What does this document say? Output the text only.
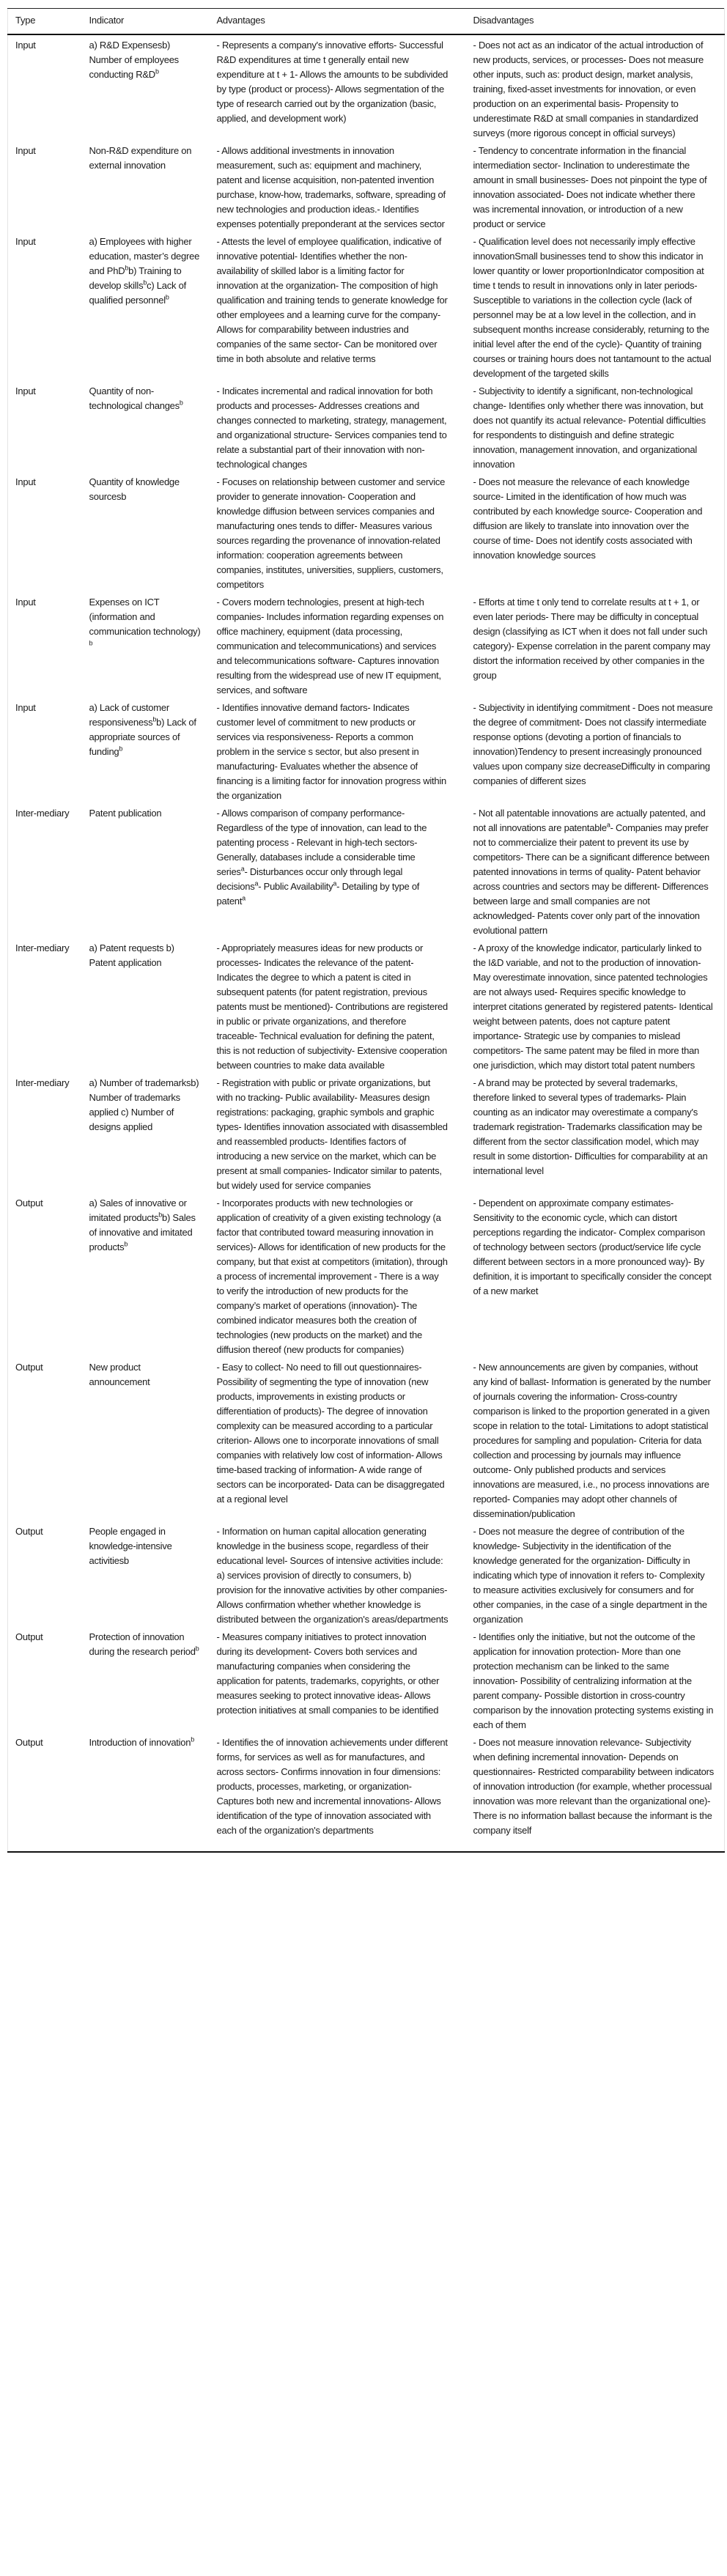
Type	Indicator	Advantages	Disadvantages
Input	a) R&D Expensesb) Number of employees conducting $R\&D^b$	- Represents a company's innovative efforts- Successful R&D expenditures at time t generally entail new expenditure at t + 1- Allows the amounts to be subdivided by type (product or process)- Allows segmentation of the type of research carried out by the organization (basic, applied, and development work)	- Does not act as an indicator of the actual introduction of new products, services, or processes- Does not measure other inputs, such as: product design, market analysis, training, fixed-asset investments for innovation, or even production on an experimental basis- Propensity to underestimate R&D at small companies in standardized surveys (more rigorous concept in official surveys)
Input	Non-R&D expenditure on external innovation	- Allows additional investments in innovation measurement, such as: equipment and machinery, patent and license acquisition, non-patented invention purchase, know-how, trademarks, software, spreading of new technologies and production ideas.- Identifies expenses potentially preponderant at the services sector	- Tendency to concentrate information in the financial intermediation sector- Inclination to underestimate the amount in small businesses- Does not pinpoint the type of innovation associated- Does not indicate whether there was incremental innovation, or introduction of a new product or service
Input	a) Employees with higher education, master’s degree and PhD$^b$b) Training to develop skills$^b$c) Lack of qualified personnel$^b$	- Attests the level of employee qualification, indicative of innovative potential- Identifies whether the non-availability of skilled labor is a limiting factor for innovation at the organization- The composition of high qualification and training tends to generate knowledge for other employees and a learning curve for the company- Allows for comparability between industries and companies of the same sector- Can be monitored over time in both absolute and relative terms	- Qualification level does not necessarily imply effective innovationSmall businesses tend to show this indicator in lower quantity or lower proportionIndicator composition at time t tends to result in innovations only in later periods- Susceptible to variations in the collection cycle (lack of personnel may be at a low level in the collection, and in subsequent months increase considerably, returning to the initial level after the end of the cycle)- Quantity of training courses or training hours does not tantamount to the actual development of the targeted skills
Input	Quantity of non-technological changes$^b$	- Indicates incremental and radical innovation for both products and processes- Addresses creations and changes connected to marketing, strategy, management, and organizational structure- Services companies tend to relate a substantial part of their innovation with non-technological changes	- Subjectivity to identify a significant, non-technological change- Identifies only whether there was innovation, but does not quantify its actual relevance- Potential difficulties for respondents to distinguish and define strategic innovation, management innovation, and organizational innovation
Input	Quantity of knowledge sourcesb	- Focuses on relationship between customer and service provider to generate innovation- Cooperation and knowledge diffusion between services companies and manufacturing ones tends to differ- Measures various sources regarding the provenance of innovation-related information: cooperation agreements between companies, institutes, universities, suppliers, customers, competitors	- Does not measure the relevance of each knowledge source- Limited in the identification of how much was contributed by each knowledge source- Cooperation and diffusion are likely to translate into innovation over the course of time- Does not identify costs associated with innovation knowledge sources
Input	Expenses on ICT (information and communication technology) $^b$	- Covers modern technologies, present at high-tech companies- Includes information regarding expenses on office machinery, equipment (data processing, communication and telecommunications) and services and telecommunications software- Captures innovation resulting from the widespread use of new IT equipment, services, and software	- Efforts at time t only tend to correlate results at t + 1, or even later periods- There may be difficulty in conceptual design (classifying as ICT when it does not fall under such category)- Expense correlation in the parent company may distort the information received by other companies in the group
Input	a) Lack of customer responsiveness$^b$b) Lack of appropriate sources of funding$^b$	- Identifies innovative demand factors- Indicates customer level of commitment to new products or services via responsiveness- Reports a common problem in the service s sector, but also present in manufacturing- Evaluates whether the absence of financing is a limiting factor for innovation progress within the organization	- Subjectivity in identifying commitment - Does not measure the degree of commitment- Does not classify intermediate response options (devoting a portion of financials to innovation)Tendency to present increasingly pronounced values upon company size decreaseDifficulty in comparing companies of different sizes
Inter-mediary	Patent publication	- Allows comparison of company performance- Regardless of the type of innovation, can lead to the patenting process - Relevant in high-tech sectors- Generally, databases include a considerable time series$^a$- Disturbances occur only through legal decisions$^a$- Public Availability$^a$- Detailing by type of patent$^a$	- Not all patentable innovations are actually patented, and not all innovations are patentable$^a$- Companies may prefer not to commercialize their patent to prevent its use by competitors- There can be a significant difference between patented innovations in terms of quality- Patent behavior across countries and sectors may be different- Differences between large and small companies are not acknowledged- Patents cover only part of the innovation evolutional pattern
Inter-mediary	a) Patent requests b) Patent application	- Appropriately measures ideas for new products or processes- Indicates the relevance of the patent- Indicates the degree to which a patent is cited in subsequent patents (for patent registration, previous patents must be mentioned)- Contributions are registered in public or private organizations, and therefore traceable- Technical evaluation for defining the patent, this is not reduction of subjectivity- Extensive cooperation between countries to make data available	- A proxy of the knowledge indicator, particularly linked to the I&D variable, and not to the production of innovation- May overestimate innovation, since patented technologies are not always used- Requires specific knowledge to interpret citations generated by registered patents- Identical weight between patents, does not capture patent importance- Strategic use by companies to mislead competitors- The same patent may be filed in more than one jurisdiction, which may distort total patent numbers
Inter-mediary	a) Number of trademarksb) Number of trademarks applied c) Number of designs applied	- Registration with public or private organizations, but with no tracking- Public availability- Measures design registrations: packaging, graphic symbols and graphic types- Identifies innovation associated with disassembled and reassembled products- Identifies factors of introducing a new service on the market, which can be present at small companies- Indicator similar to patents, but widely used for service companies	- A brand may be protected by several trademarks, therefore linked to several types of trademarks- Plain counting as an indicator may overestimate a company's trademark registration- Trademarks classification may be different from the sector classification model, which may result in some distortion- Difficulties for comparability at an international level
Output	a) Sales of innovative or imitated products$^b$b) Sales of innovative and imitated products$^b$	- Incorporates products with new technologies or application of creativity of a given existing technology (a factor that contributed toward measuring innovation in services)- Allows for identification of new products for the company, but that exist at competitors (imitation), through a process of incremental improvement - There is a way to verify the introduction of new products for the company’s market of operations (innovation)- The combined indicator measures both the creation of technologies (new products on the market) and the diffusion thereof (new products for companies)	- Dependent on approximate company estimates- Sensitivity to the economic cycle, which can distort perceptions regarding the indicator- Complex comparison of technology between sectors (product/service life cycle different between sectors in a more pronounced way)- By definition, it is important to specifically consider the concept of a new market
Output	New product announcement	- Easy to collect- No need to fill out questionnaires- Possibility of segmenting the type of innovation (new products, improvements in existing products or differentiation of products)- The degree of innovation complexity can be measured according to a particular criterion- Allows one to incorporate innovations of small companies with relatively low cost of information- Allows time-based tracking of information- A wide range of sectors can be incorporated- Data can be disaggregated at a regional level	- New announcements are given by companies, without any kind of ballast- Information is generated by the number of journals covering the information- Cross-country comparison is linked to the proportion generated in a given scope in relation to the total- Limitations to adopt statistical procedures for sampling and population- Criteria for data collection and processing by journals may influence outcome- Only published products and services innovations are measured, i.e., no process innovations are reported- Companies may adopt other channels of dissemination/publication
Output	People engaged in knowledge-intensive activitiesb	- Information on human capital allocation generating knowledge in the business scope, regardless of their educational level- Sources of intensive activities include: a) services provision of directly to consumers, b) provision for the innovative activities by other companies- Allows confirmation whether whether knowledge is distributed between the organization's areas/departments	- Does not measure the degree of contribution of the knowledge- Subjectivity in the identification of the knowledge generated for the organization- Difficulty in indicating which type of innovation it refers to- Complexity to measure activities exclusively for consumers and for other companies, in the case of a single department in the organization
Output	Protection of innovation during the research period$^b$	- Measures company initiatives to protect innovation during its development- Covers both services and manufacturing companies when considering the application for patents, trademarks, copyrights, or other measures seeking to protect innovative ideas- Allows protection initiatives at small companies to be identified	- Identifies only the initiative, but not the outcome of the application for innovation protection- More than one protection mechanism can be linked to the same innovation- Possibility of centralizing information at the parent company- Possible distortion in cross-country comparison by the innovation protecting systems existing in each of them
Output	Introduction of innovation$^b$	- Identifies the of innovation achievements under different forms, for services as well as for manufactures, and across sectors- Confirms innovation in four dimensions: products, processes, marketing, or organization- Captures both new and incremental innovations- Allows identification of the type of innovation associated with each of the organization's departments	- Does not measure innovation relevance- Subjectivity when defining incremental innovation- Depends on questionnaires- Restricted comparability between indicators of innovation introduction (for example, whether processual innovation was more relevant than the organizational one)- There is no information ballast because the informant is the company itself
